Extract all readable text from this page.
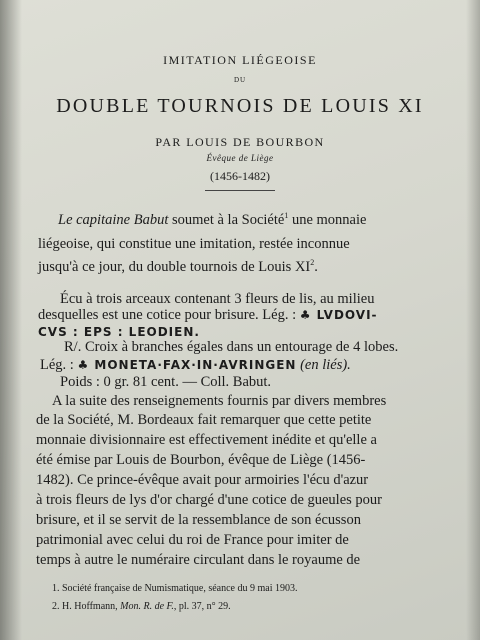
IMITATION LIÉGEOISE
DU
DOUBLE TOURNOIS DE LOUIS XI
PAR LOUIS DE BOURBON
Évêque de Liège
(1456-1482)
Le capitaine Babut soumet à la Société$^1$ une monnaie
liégeoise, qui constitue une imitation, restée inconnue
jusqu'à ce jour, du double tournois de Louis $XI^2$.
Écu à trois arceaux contenant 3 fleurs de lis, au milieu
desquelles est une cotice pour brisure. Lég. : ♣ LVDOVI-
CVS : EPS : LEODIEN.
R/. Croix à branches égales dans un entourage de 4 lobes.
Lég. : ♣ MONETA·FAX·IN·AVRINGEN (en liés).
Poids : 0 gr. 81 cent. — Coll. Babut.
A la suite des renseignements fournis par divers membres
de la Société, M. Bordeaux fait remarquer que cette petite
monnaie divisionnaire est effectivement inédite et qu'elle a
été émise par Louis de Bourbon, évêque de Liège (1456-
1482). Ce prince-évêque avait pour armoiries l'écu d'azur
à trois fleurs de lys d'or chargé d'une cotice de gueules pour
brisure, et il se servit de la ressemblance de son écusson
patrimonial avec celui du roi de France pour imiter de
temps à autre le numéraire circulant dans le royaume de
1. Société française de Numismatique, séance du 9 mai 1903.
2. H. Hoffmann, Mon. R. de F., pl. 37, n° 29.
